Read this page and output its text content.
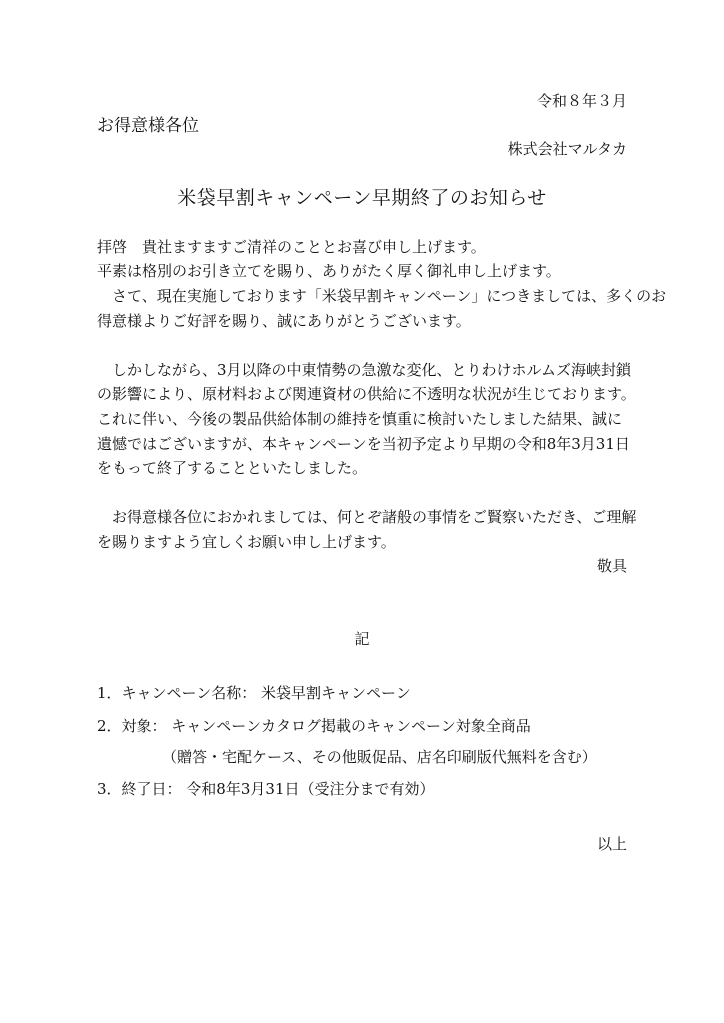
令和８年３月
お得意様各位
株式会社マルタカ
米袋早割キャンペーン早期終了のお知らせ
拝啓　貴社ますますご清祥のこととお喜び申し上げます。
平素は格別のお引き立てを賜り、ありがたく厚く御礼申し上げます。
　さて、現在実施しております「米袋早割キャンペーン」につきましては、多くのお
得意様よりご好評を賜り、誠にありがとうございます。
　しかしながら、3月以降の中東情勢の急激な変化、とりわけホルムズ海峡封鎖
の影響により、原材料および関連資材の供給に不透明な状況が生じております。
これに伴い、今後の製品供給体制の維持を慎重に検討いたしました結果、誠に
遺憾ではございますが、本キャンペーンを当初予定より早期の令和8年3月31日
をもって終了することといたしました。
　お得意様各位におかれましては、何とぞ諸般の事情をご賢察いただき、ご理解
を賜りますよう宜しくお願い申し上げます。
敬具
記
1．キャンペーン名称： 米袋早割キャンペーン
2．対象： キャンペーンカタログ掲載のキャンペーン対象全商品
（贈答・宅配ケース、その他販促品、店名印刷版代無料を含む）
3．終了日： 令和8年3月31日（受注分まで有効）
以上
